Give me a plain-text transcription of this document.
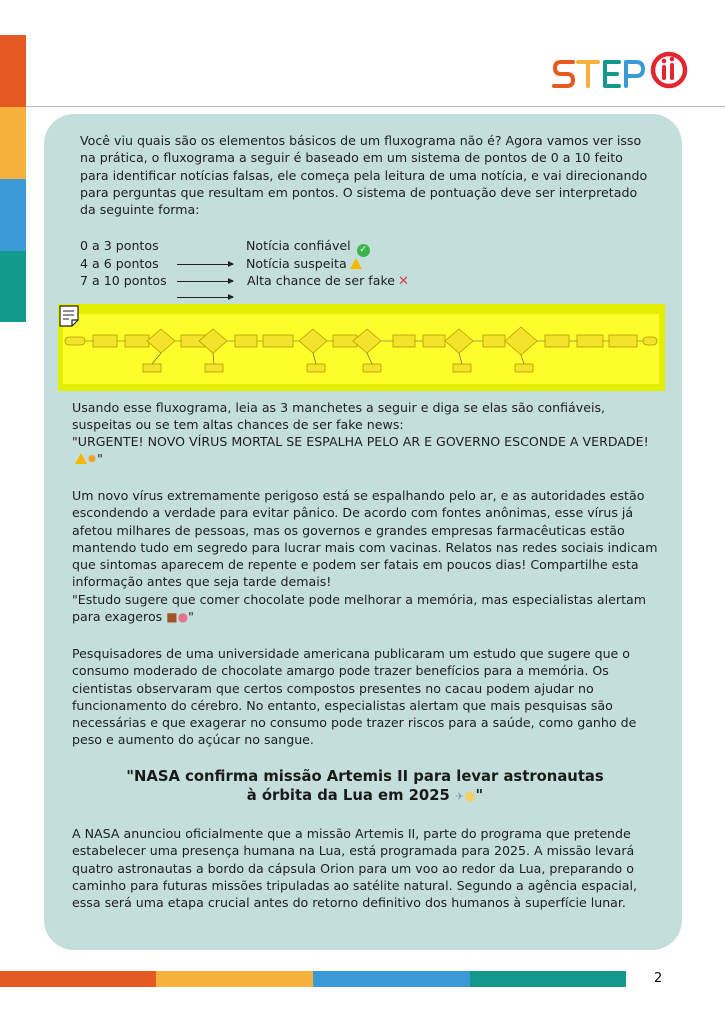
Você viu quais são os elementos básicos de um fluxograma não é? Agora vamos ver isso na prática, o fluxograma a seguir é baseado em um sistema de pontos de 0 a 10 feito para identificar notícias falsas, ele começa pela leitura de uma notícia, e vai direcionando para perguntas que resultam em pontos. O sistema de pontuação deve ser interpretado da seguinte forma:
0 a 3 pontos	Notícia confiável ✓
4 a 6 pontos	Notícia suspeita
7 a 10 pontos	Alta chance de ser fake ✕
Usando esse fluxograma, leia as 3 manchetes a seguir e diga se elas são confiáveis, suspeitas ou se tem altas chances de ser fake news:
"URGENTE! NOVO VÍRUS MORTAL SE ESPALHA PELO AR E GOVERNO ESCONDE A VERDADE! ✹"
Um novo vírus extremamente perigoso está se espalhando pelo ar, e as autoridades estão escondendo a verdade para evitar pânico. De acordo com fontes anônimas, esse vírus já afetou milhares de pessoas, mas os governos e grandes empresas farmacêuticas estão mantendo tudo em segredo para lucrar mais com vacinas. Relatos nas redes sociais indicam que sintomas aparecem de repente e podem ser fatais em poucos dias! Compartilhe esta informação antes que seja tarde demais!
"Estudo sugere que comer chocolate pode melhorar a memória, mas especialistas alertam para exageros ■●"
Pesquisadores de uma universidade americana publicaram um estudo que sugere que o consumo moderado de chocolate amargo pode trazer benefícios para a memória. Os cientistas observaram que certos compostos presentes no cacau podem ajudar no funcionamento do cérebro. No entanto, especialistas alertam que mais pesquisas são necessárias e que exagerar no consumo pode trazer riscos para a saúde, como ganho de peso e aumento do açúcar no sangue.
"NASA confirma missão Artemis II para levar astronautas
à órbita da Lua em 2025 ✈●"
A NASA anunciou oficialmente que a missão Artemis II, parte do programa que pretende estabelecer uma presença humana na Lua, está programada para 2025. A missão levará quatro astronautas a bordo da cápsula Orion para um voo ao redor da Lua, preparando o caminho para futuras missões tripuladas ao satélite natural. Segundo a agência espacial, essa será uma etapa crucial antes do retorno definitivo dos humanos à superfície lunar.
2
